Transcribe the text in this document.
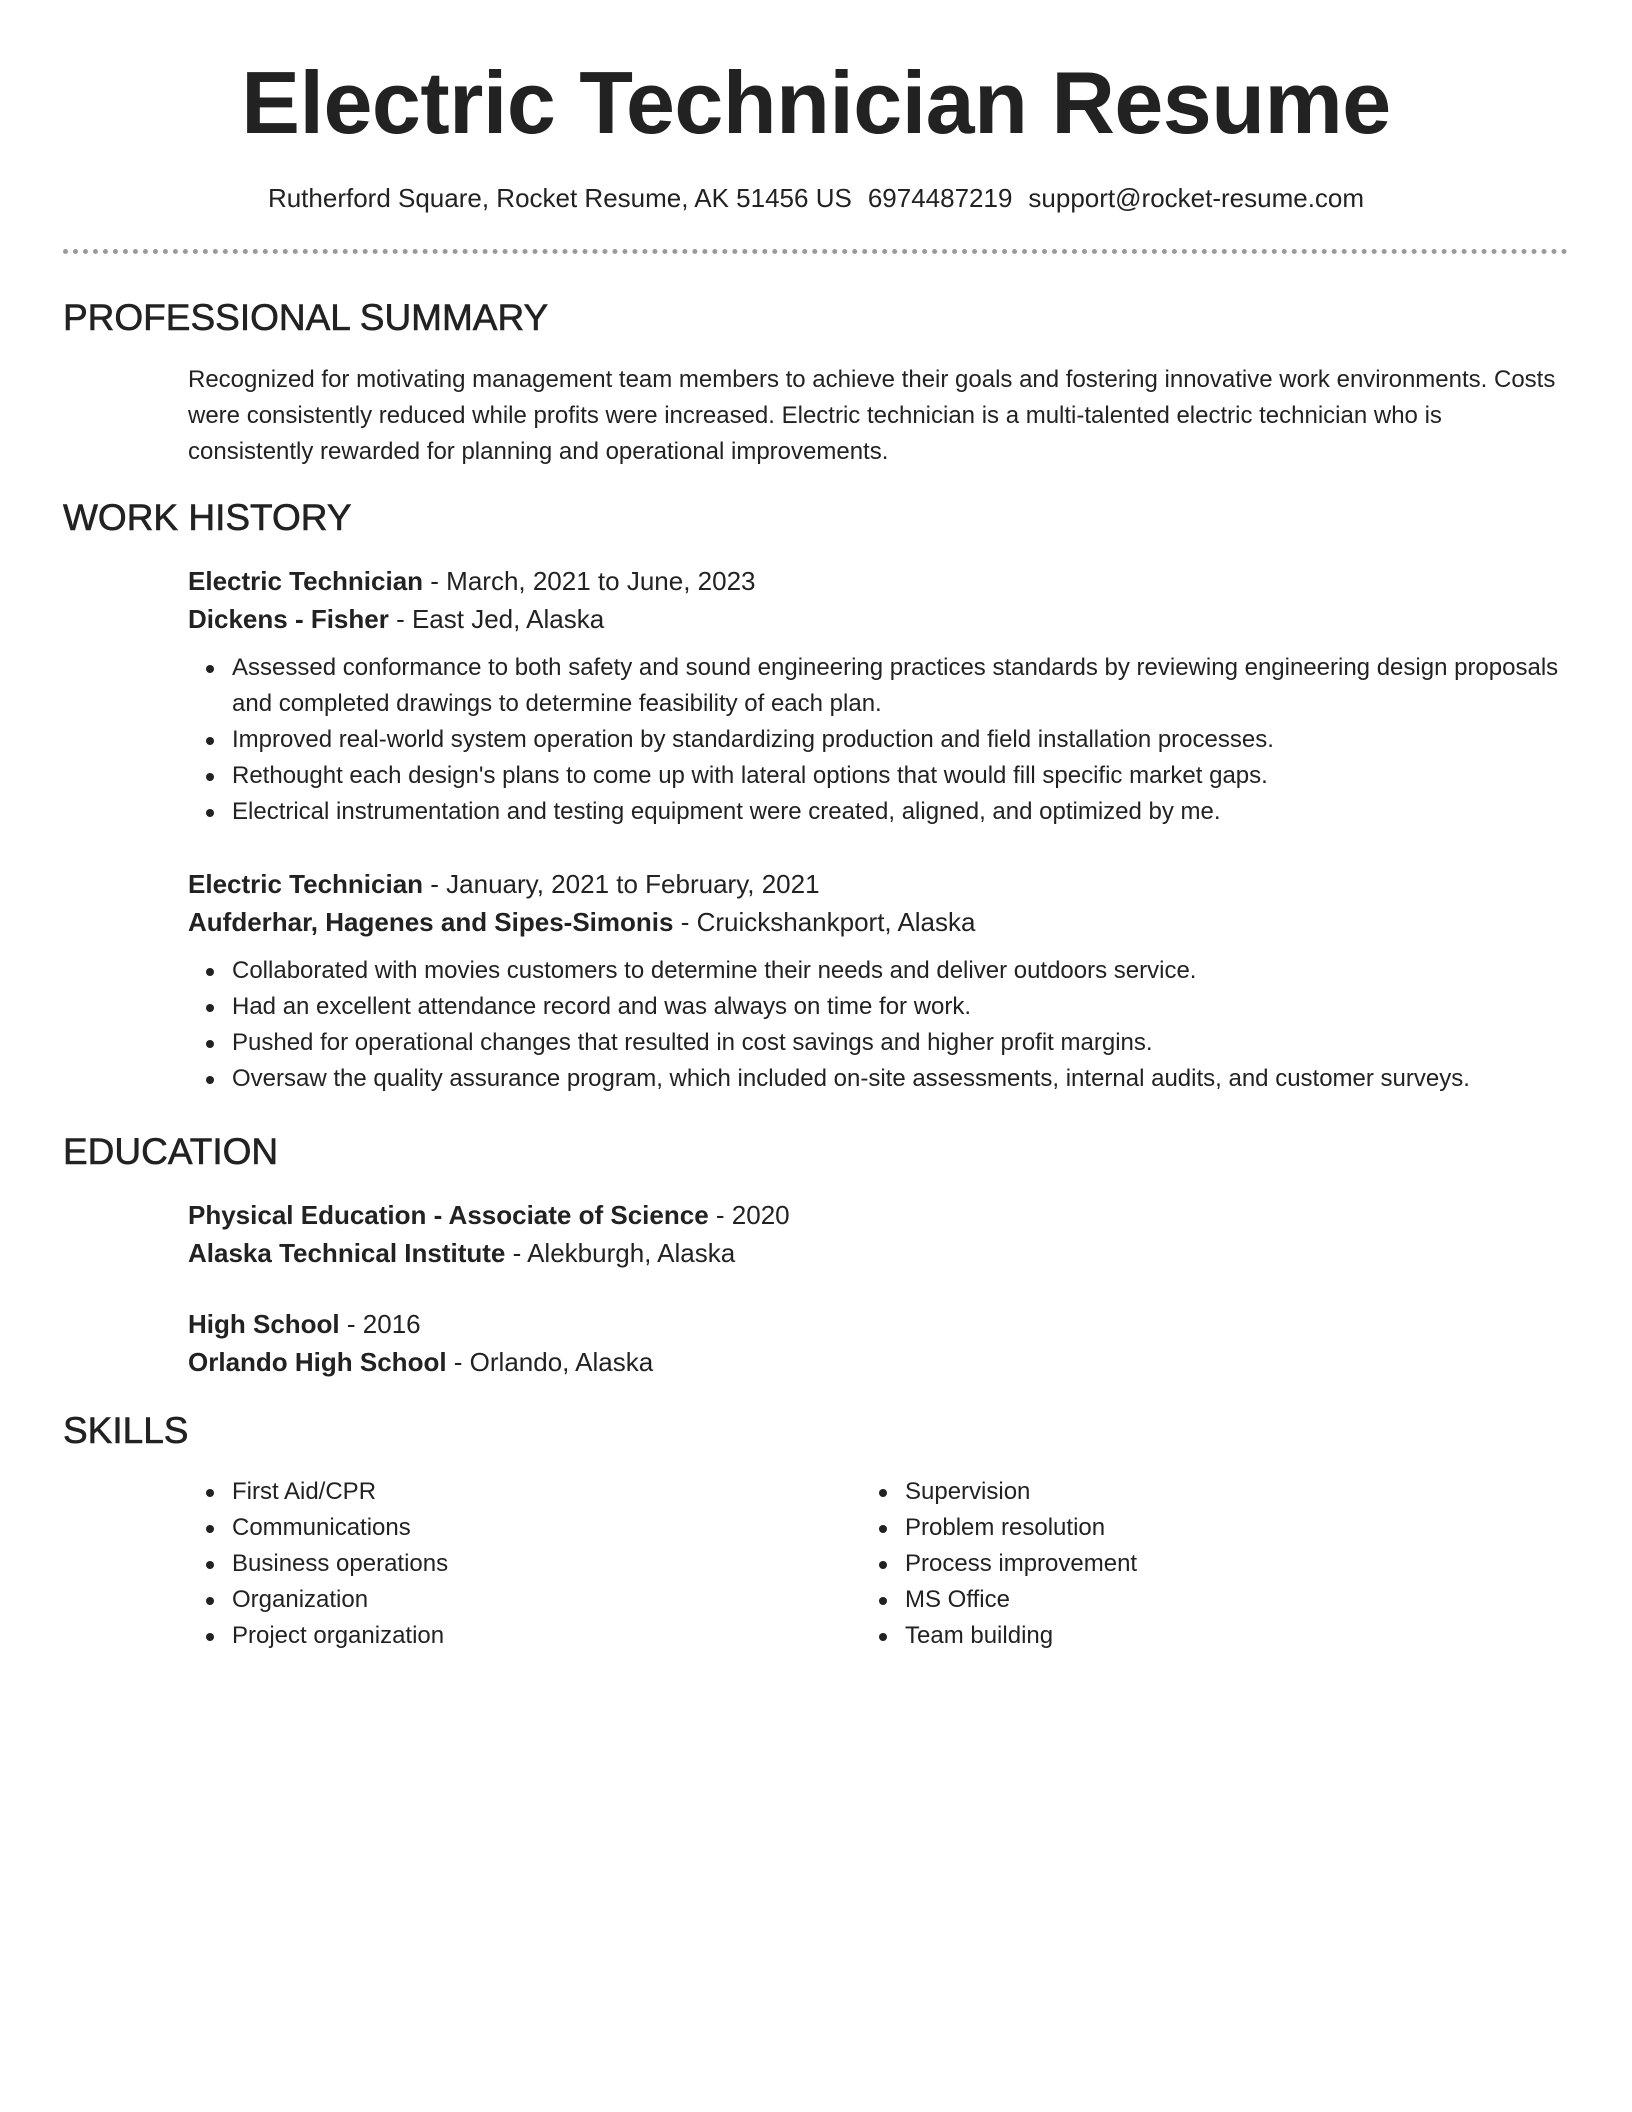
Electric Technician Resume
Rutherford Square, Rocket Resume, AK 51456 US 6974487219 support@rocket-resume.com
PROFESSIONAL SUMMARY

Recognized for motivating management team members to achieve their goals and fostering innovative work environments. Costs were consistently reduced while profits were increased. Electric technician is a multi-talented electric technician who is consistently rewarded for planning and operational improvements.

WORK HISTORY
Electric Technician - March, 2021 to June, 2023
Dickens - Fisher - East Jed, Alaska
Assessed conformance to both safety and sound engineering practices standards by reviewing engineering design proposals and completed drawings to determine feasibility of each plan.
Improved real-world system operation by standardizing production and field installation processes.
Rethought each design's plans to come up with lateral options that would fill specific market gaps.
Electrical instrumentation and testing equipment were created, aligned, and optimized by me.
Electric Technician - January, 2021 to February, 2021
Aufderhar, Hagenes and Sipes-Simonis - Cruickshankport, Alaska
Collaborated with movies customers to determine their needs and deliver outdoors service.
Had an excellent attendance record and was always on time for work.
Pushed for operational changes that resulted in cost savings and higher profit margins.
Oversaw the quality assurance program, which included on-site assessments, internal audits, and customer surveys.
EDUCATION
Physical Education - Associate of Science - 2020
Alaska Technical Institute - Alekburgh, Alaska
High School - 2016
Orlando High School - Orlando, Alaska
SKILLS
First Aid/CPR
Communications
Business operations
Organization
Project organization
Supervision
Problem resolution
Process improvement
MS Office
Team building
